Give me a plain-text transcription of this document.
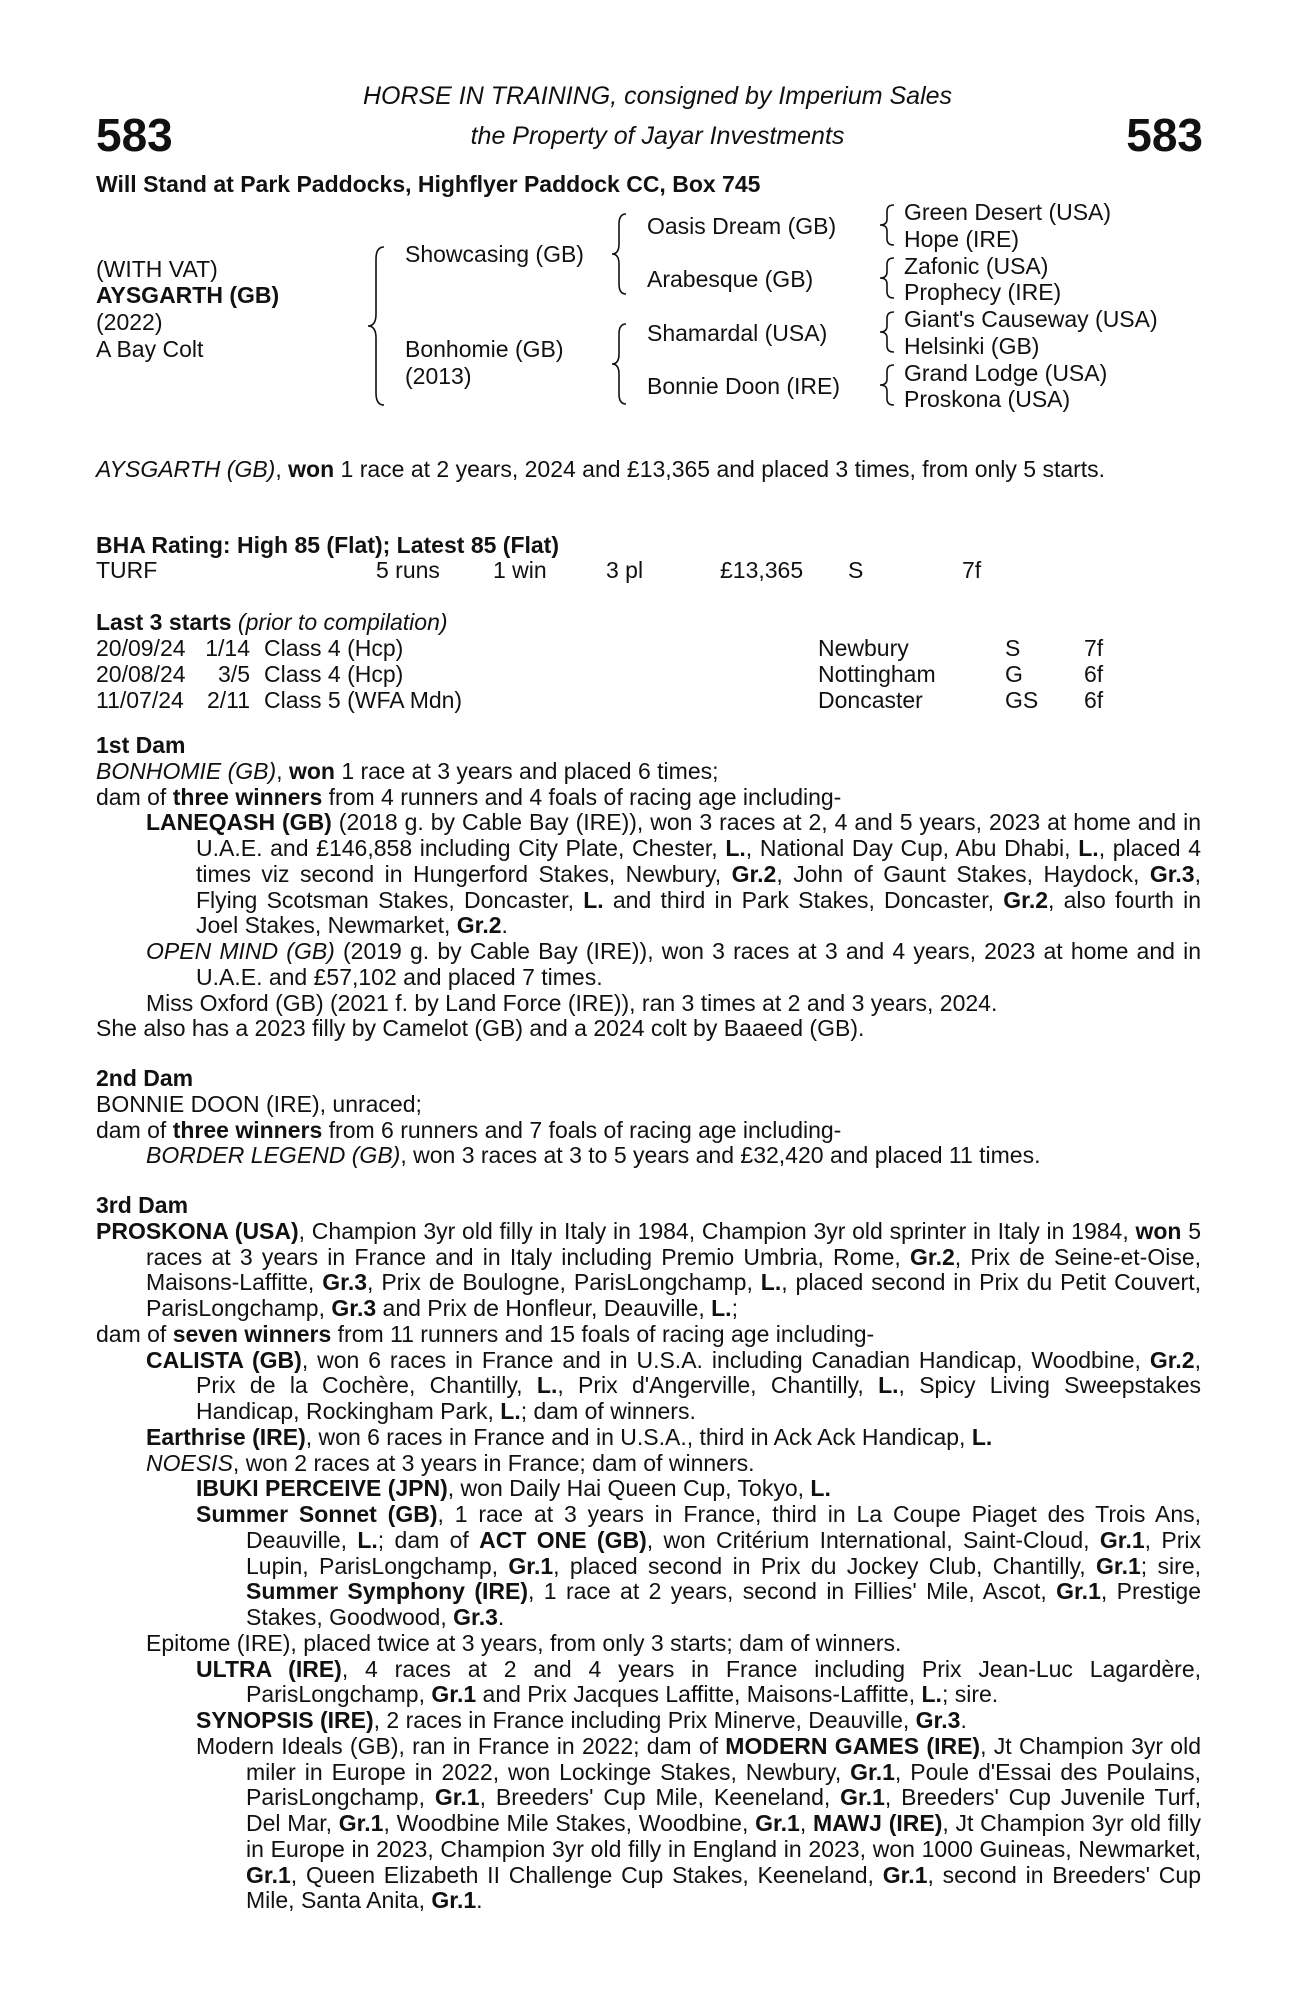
583	583
HORSE IN TRAINING, consigned by Imperium Sales
the Property of Jayar Investments
Will Stand at Park Paddocks, Highflyer Paddock CC, Box 745
(WITH VAT)
AYSGARTH (GB)
(2022)
A Bay Colt
Showcasing (GB)
Bonhomie (GB)
(2013)
Oasis Dream (GB)
Arabesque (GB)
Shamardal (USA)
Bonnie Doon (IRE)
Green Desert (USA)
Hope (IRE)
Zafonic (USA)
Prophecy (IRE)
Giant's Causeway (USA)
Helsinki (GB)
Grand Lodge (USA)
Proskona (USA)

AYSGARTH (GB), won 1 race at 2 years, 2024 and £13,365 and placed 3 times, from only 5 starts.

BHA Rating: High 85 (Flat); Latest 85 (Flat)
TURF	5 runs 1 win	3 pl	£13,365 S	7f
Last 3 starts (prior to compilation)
20/09/24 1/14 Class 4 (Hcp)	Newbury	S	7f
20/08/24	3/5 Class 4 (Hcp)	Nottingham	G	6f
11/07/24 2/11 Class 5 (WFA Mdn)	Doncaster	GS 6f

1st Dam

BONHOMIE (GB), won 1 race at 3 years and placed 6 times;

dam of three winners from 4 runners and 4 foals of racing age including-

LANEQASH (GB) (2018 g. by Cable Bay (IRE)), won 3 races at 2, 4 and 5 years, 2023 at home and in U.A.E. and £146,858 including City Plate, Chester, L., National Day Cup, Abu Dhabi, L., placed 4 times viz second in Hungerford Stakes, Newbury, Gr.2, John of Gaunt Stakes, Haydock, Gr.3, Flying Scotsman Stakes, Doncaster, L. and third in Park Stakes, Doncaster, Gr.2, also fourth in Joel Stakes, Newmarket, Gr.2.

OPEN MIND (GB) (2019 g. by Cable Bay (IRE)), won 3 races at 3 and 4 years, 2023 at home and in U.A.E. and £57,102 and placed 7 times.

Miss Oxford (GB) (2021 f. by Land Force (IRE)), ran 3 times at 2 and 3 years, 2024.

She also has a 2023 filly by Camelot (GB) and a 2024 colt by Baaeed (GB).

2nd Dam

BONNIE DOON (IRE), unraced;

dam of three winners from 6 runners and 7 foals of racing age including-

BORDER LEGEND (GB), won 3 races at 3 to 5 years and £32,420 and placed 11 times.

3rd Dam

PROSKONA (USA), Champion 3yr old filly in Italy in 1984, Champion 3yr old sprinter in Italy in 1984, won 5 races at 3 years in France and in Italy including Premio Umbria, Rome, Gr.2, Prix de Seine-et-Oise, Maisons-Laffitte, Gr.3, Prix de Boulogne, ParisLongchamp, L., placed second in Prix du Petit Couvert, ParisLongchamp, Gr.3 and Prix de Honfleur, Deauville, L.;

dam of seven winners from 11 runners and 15 foals of racing age including-

CALISTA (GB), won 6 races in France and in U.S.A. including Canadian Handicap, Woodbine, Gr.2, Prix de la Cochère, Chantilly, L., Prix d'Angerville, Chantilly, L., Spicy Living Sweepstakes Handicap, Rockingham Park, L.; dam of winners.

Earthrise (IRE), won 6 races in France and in U.S.A., third in Ack Ack Handicap, L.

NOESIS, won 2 races at 3 years in France; dam of winners.

IBUKI PERCEIVE (JPN), won Daily Hai Queen Cup, Tokyo, L.

Summer Sonnet (GB), 1 race at 3 years in France, third in La Coupe Piaget des Trois Ans, Deauville, L.; dam of ACT ONE (GB), won Critérium International, Saint-Cloud, Gr.1, Prix Lupin, ParisLongchamp, Gr.1, placed second in Prix du Jockey Club, Chantilly, Gr.1; sire, Summer Symphony (IRE), 1 race at 2 years, second in Fillies' Mile, Ascot, Gr.1, Prestige Stakes, Goodwood, Gr.3.

Epitome (IRE), placed twice at 3 years, from only 3 starts; dam of winners.

ULTRA (IRE), 4 races at 2 and 4 years in France including Prix Jean-Luc Lagardère, ParisLongchamp, Gr.1 and Prix Jacques Laffitte, Maisons-Laffitte, L.; sire.

SYNOPSIS (IRE), 2 races in France including Prix Minerve, Deauville, Gr.3.

Modern Ideals (GB), ran in France in 2022; dam of MODERN GAMES (IRE), Jt Champion 3yr old miler in Europe in 2022, won Lockinge Stakes, Newbury, Gr.1, Poule d'Essai des Poulains, ParisLongchamp, Gr.1, Breeders' Cup Mile, Keeneland, Gr.1, Breeders' Cup Juvenile Turf, Del Mar, Gr.1, Woodbine Mile Stakes, Woodbine, Gr.1, MAWJ (IRE), Jt Champion 3yr old filly in Europe in 2023, Champion 3yr old filly in England in 2023, won 1000 Guineas, Newmarket, Gr.1, Queen Elizabeth II Challenge Cup Stakes, Keeneland, Gr.1, second in Breeders' Cup Mile, Santa Anita, Gr.1.
